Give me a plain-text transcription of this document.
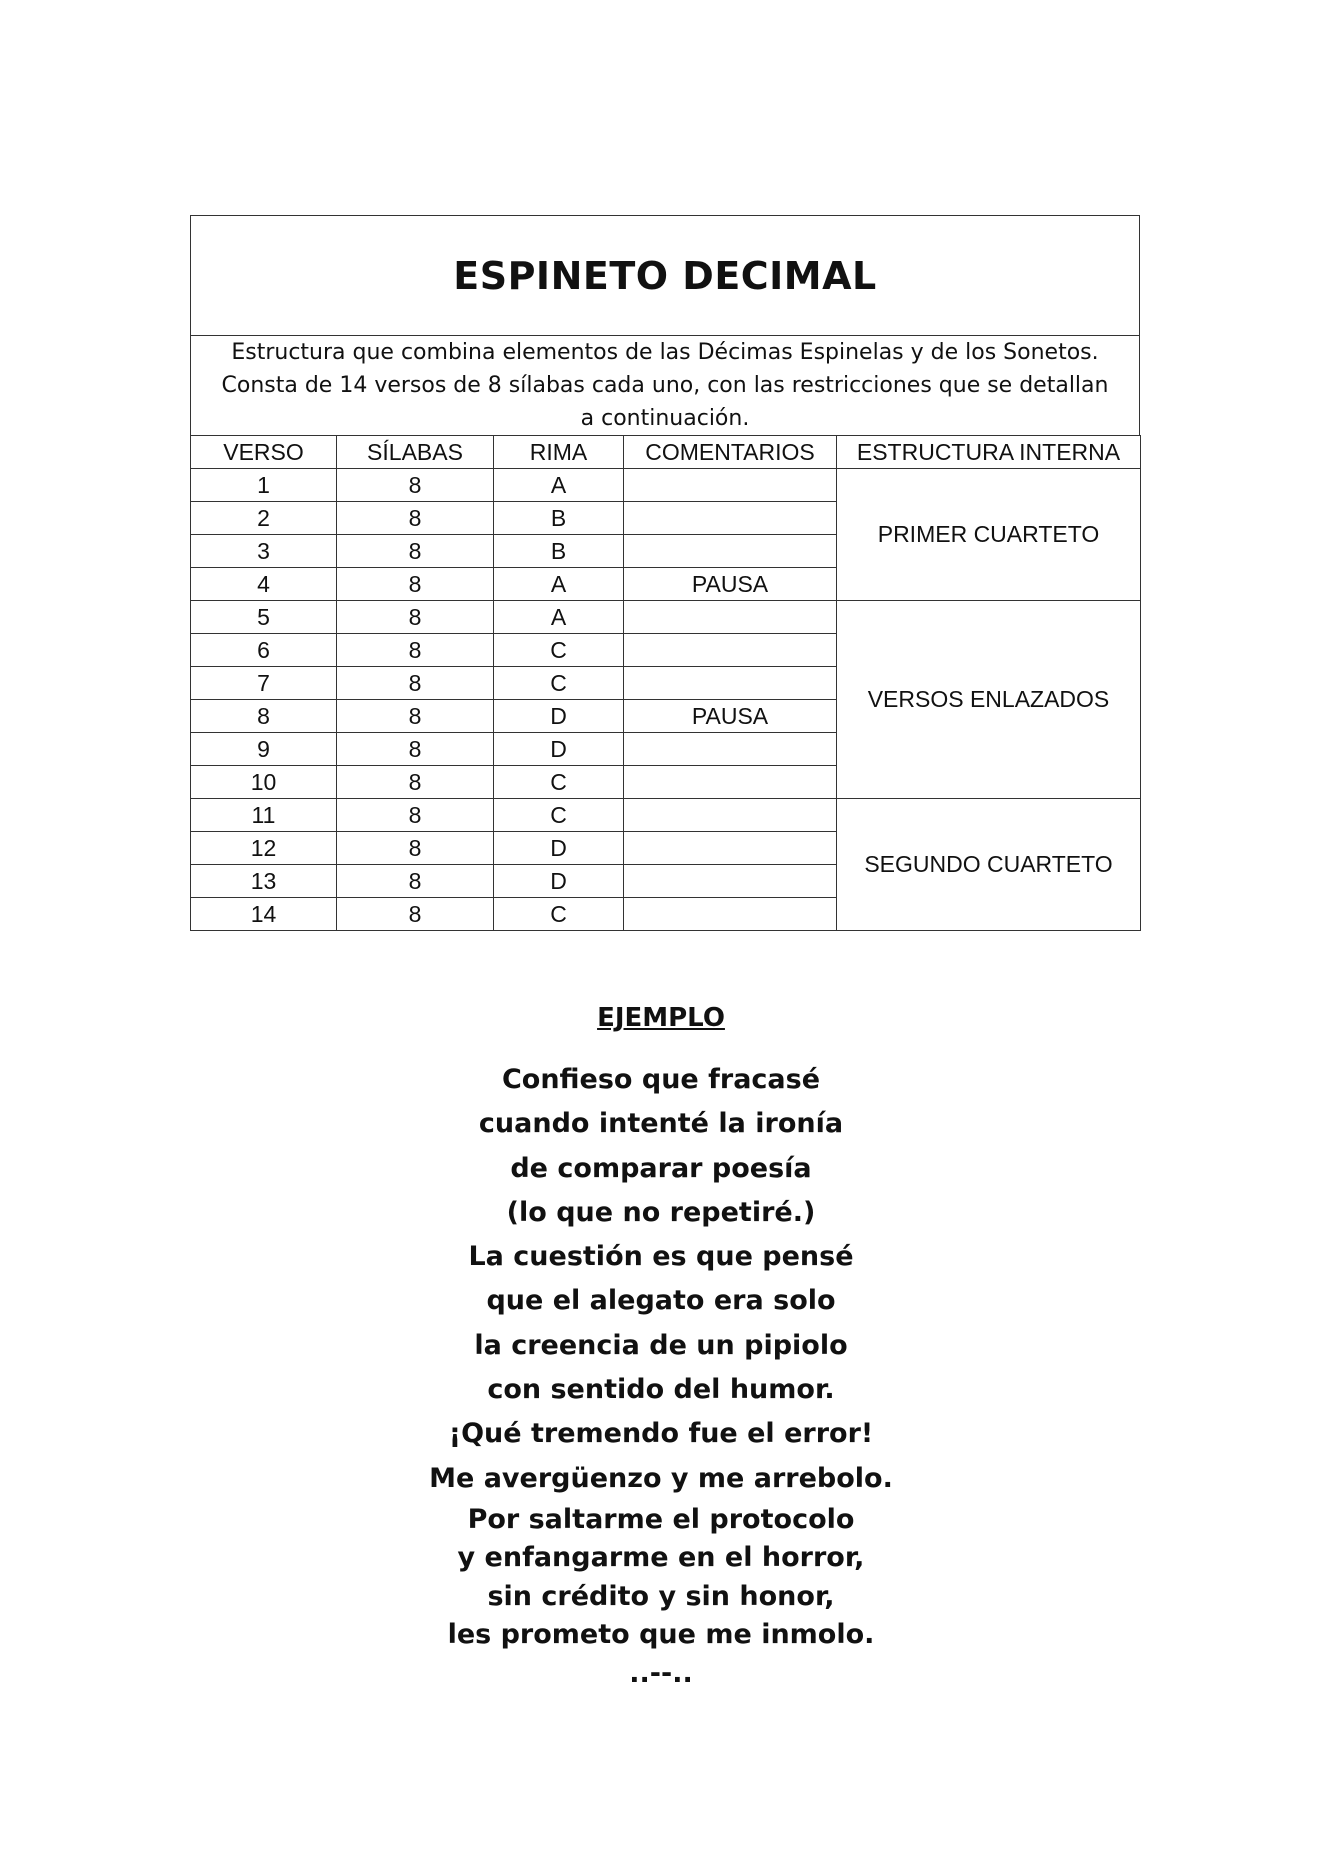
ESPINETO DECIMAL
Estructura que combina elementos de las Décimas Espinelas y de los Sonetos.
Consta de 14 versos de 8 sílabas cada uno, con las restricciones que se detallan
a continuación.
VERSO	SÍLABAS	RIMA	COMENTARIOS	ESTRUCTURA INTERNA
1	8	A		PRIMER CUARTETO
2	8	B		
3	8	B		
4	8	A	PAUSA	
5	8	A		VERSOS ENLAZADOS
6	8	C		
7	8	C		
8	8	D	PAUSA	
9	8	D		
10	8	C		
11	8	C		SEGUNDO CUARTETO
12	8	D		
13	8	D		
14	8	C		
EJEMPLO
Confieso que fracasé
cuando intenté la ironía
de comparar poesía
(lo que no repetiré.)
La cuestión es que pensé
que el alegato era solo
la creencia de un pipiolo
con sentido del humor.
¡Qué tremendo fue el error!
Me avergüenzo y me arrebolo.
Por saltarme el protocolo
y enfangarme en el horror,
sin crédito y sin honor,
les prometo que me inmolo.
..--..
